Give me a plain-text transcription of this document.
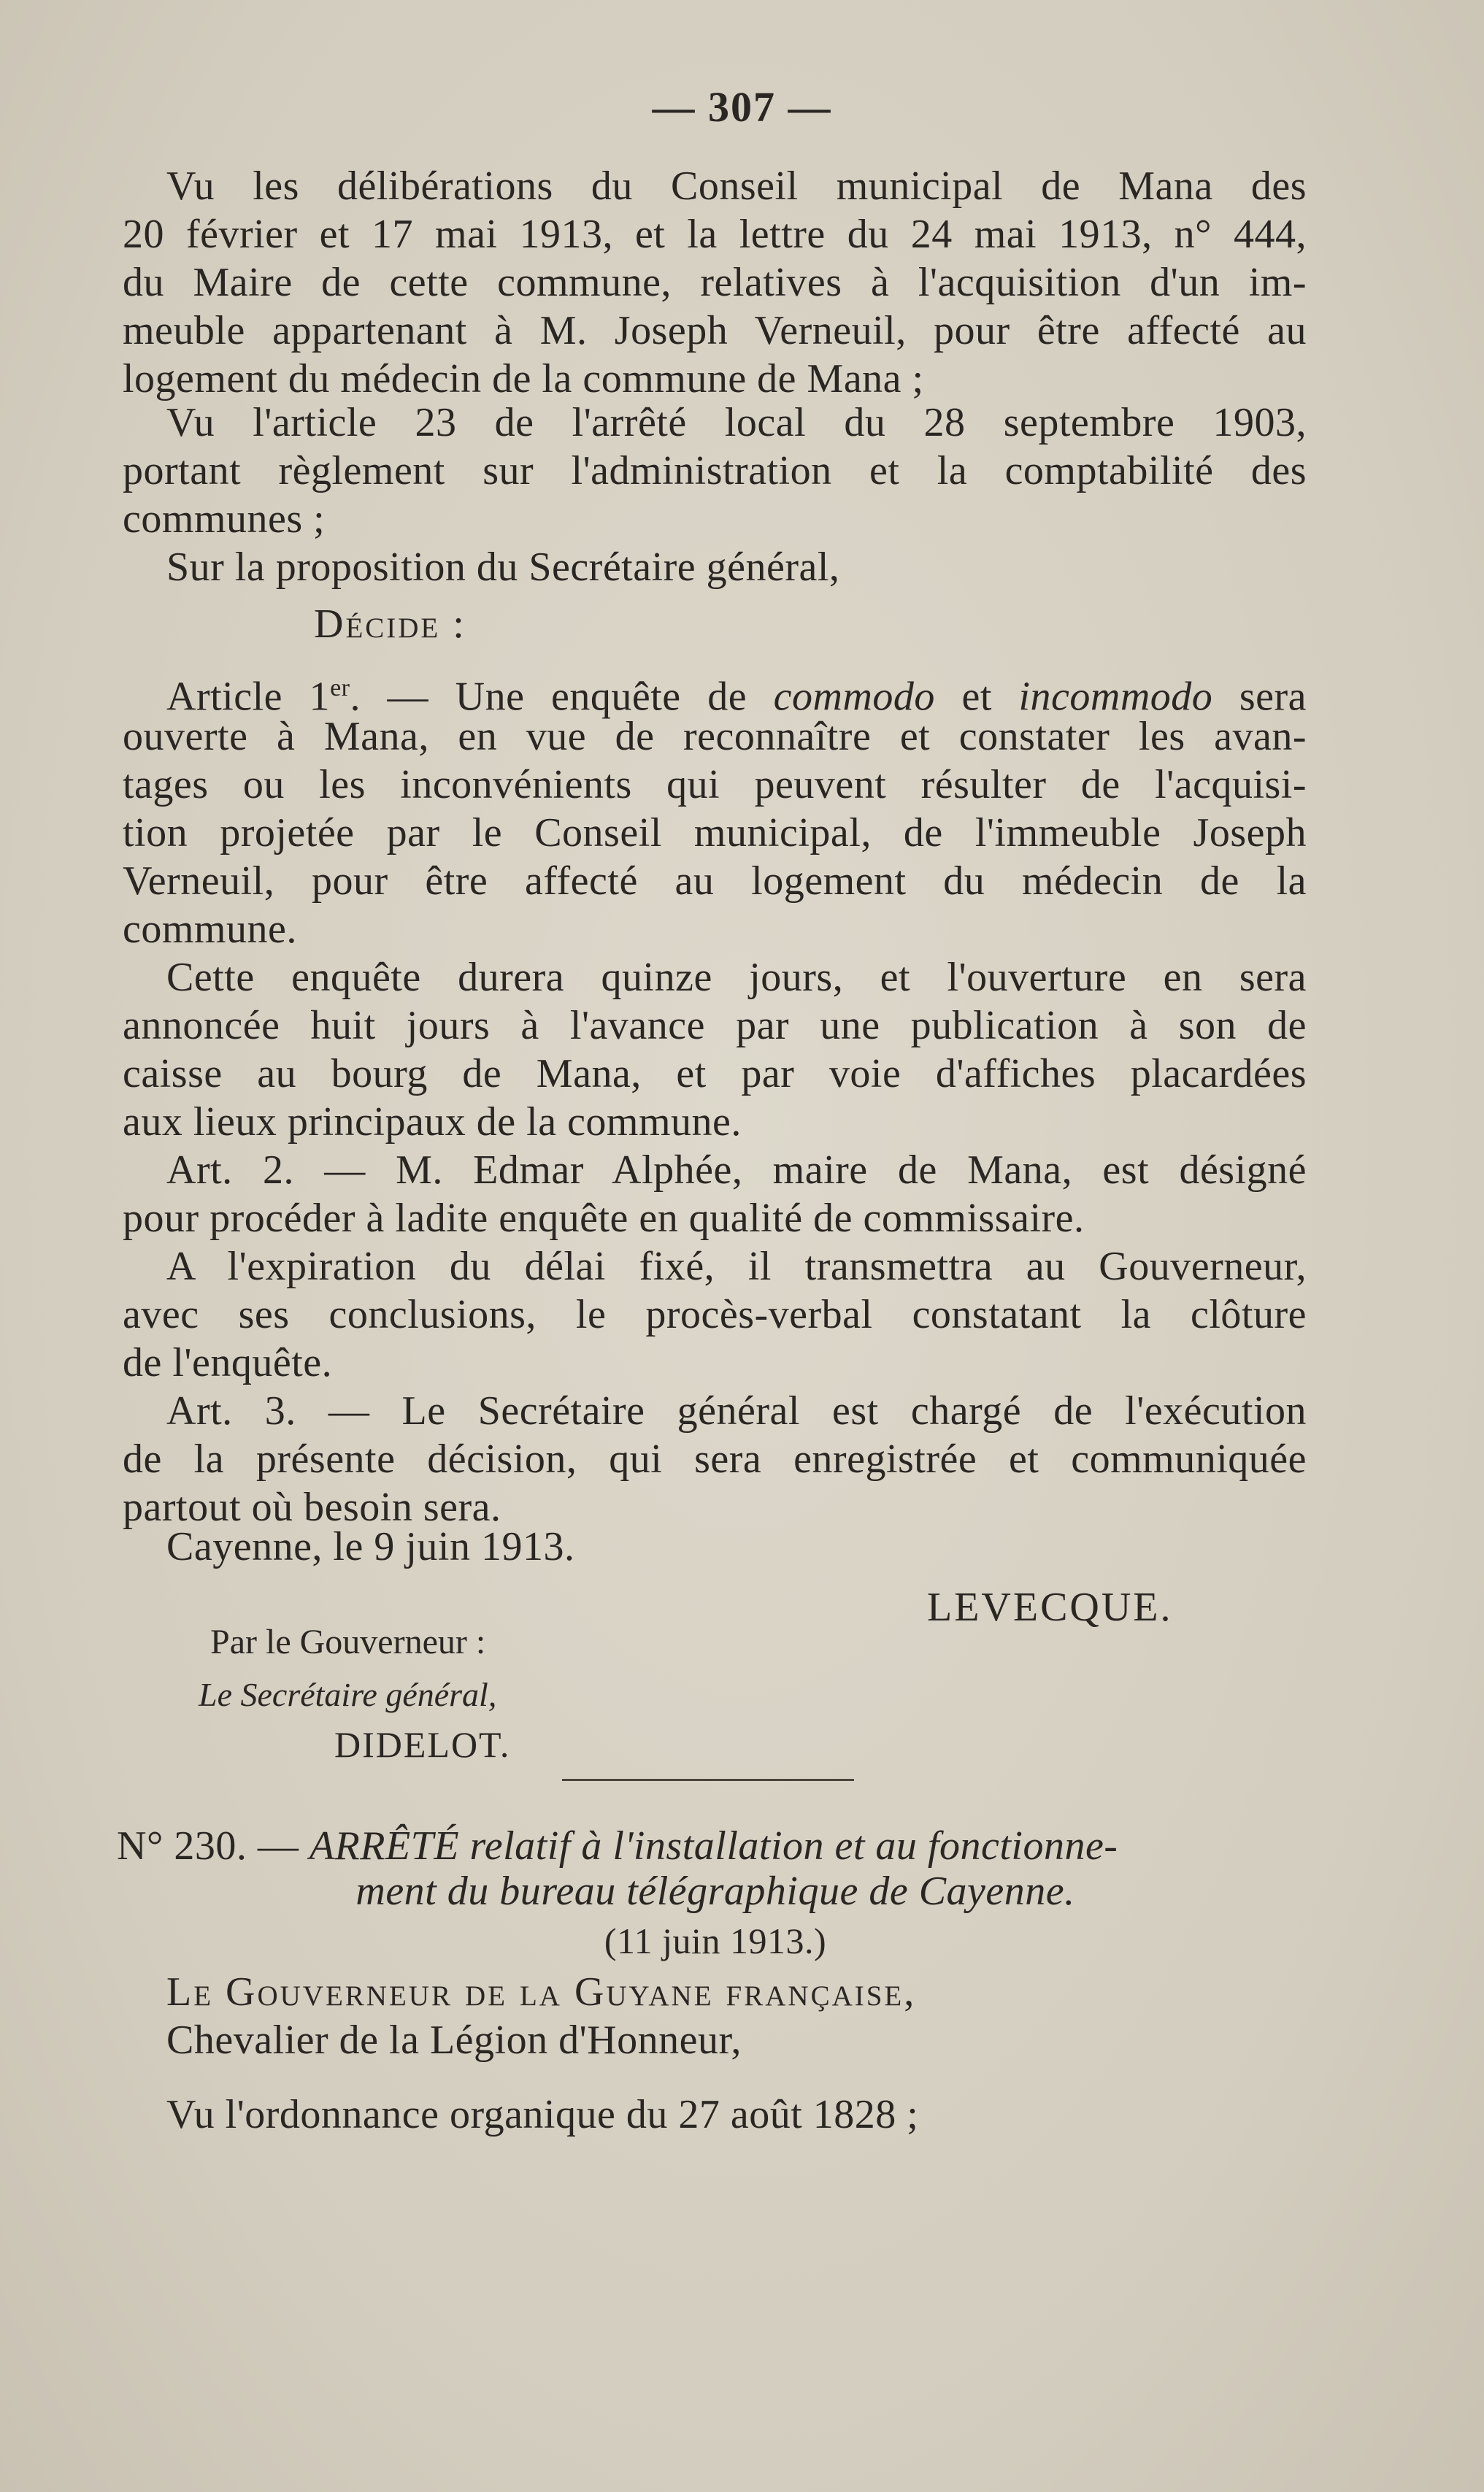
— 307 —
Vu les délibérations du Conseil municipal de Mana des
20 février et 17 mai 1913, et la lettre du 24 mai 1913, n° 444,
du Maire de cette commune, relatives à l'acquisition d'un im-
meuble appartenant à M. Joseph Verneuil, pour être affecté au
logement du médecin de la commune de Mana ;
Vu l'article 23 de l'arrêté local du 28 septembre 1903,
portant règlement sur l'administration et la comptabilité des
communes ;
Sur la proposition du Secrétaire général,
Décide :
Article 1er. — Une enquête de commodo et incommodo sera
ouverte à Mana, en vue de reconnaître et constater les avan-
tages ou les inconvénients qui peuvent résulter de l'acquisi-
tion projetée par le Conseil municipal, de l'immeuble Joseph
Verneuil, pour être affecté au logement du médecin de la
commune.
Cette enquête durera quinze jours, et l'ouverture en sera
annoncée huit jours à l'avance par une publication à son de
caisse au bourg de Mana, et par voie d'affiches placardées
aux lieux principaux de la commune.
Art. 2. — M. Edmar Alphée, maire de Mana, est désigné
pour procéder à ladite enquête en qualité de commissaire.
A l'expiration du délai fixé, il transmettra au Gouverneur,
avec ses conclusions, le procès-verbal constatant la clôture
de l'enquête.
Art. 3. — Le Secrétaire général est chargé de l'exécution
de la présente décision, qui sera enregistrée et communiquée
partout où besoin sera.
Cayenne, le 9 juin 1913.
LEVECQUE.
Par le Gouverneur :
Le Secrétaire général,
DIDELOT.
N° 230. — ARRÊTÉ relatif à l'installation et au fonctionne-
ment du bureau télégraphique de Cayenne.
(11 juin 1913.)
Le Gouverneur de la Guyane française,
Chevalier de la Légion d'Honneur,
Vu l'ordonnance organique du 27 août 1828 ;
